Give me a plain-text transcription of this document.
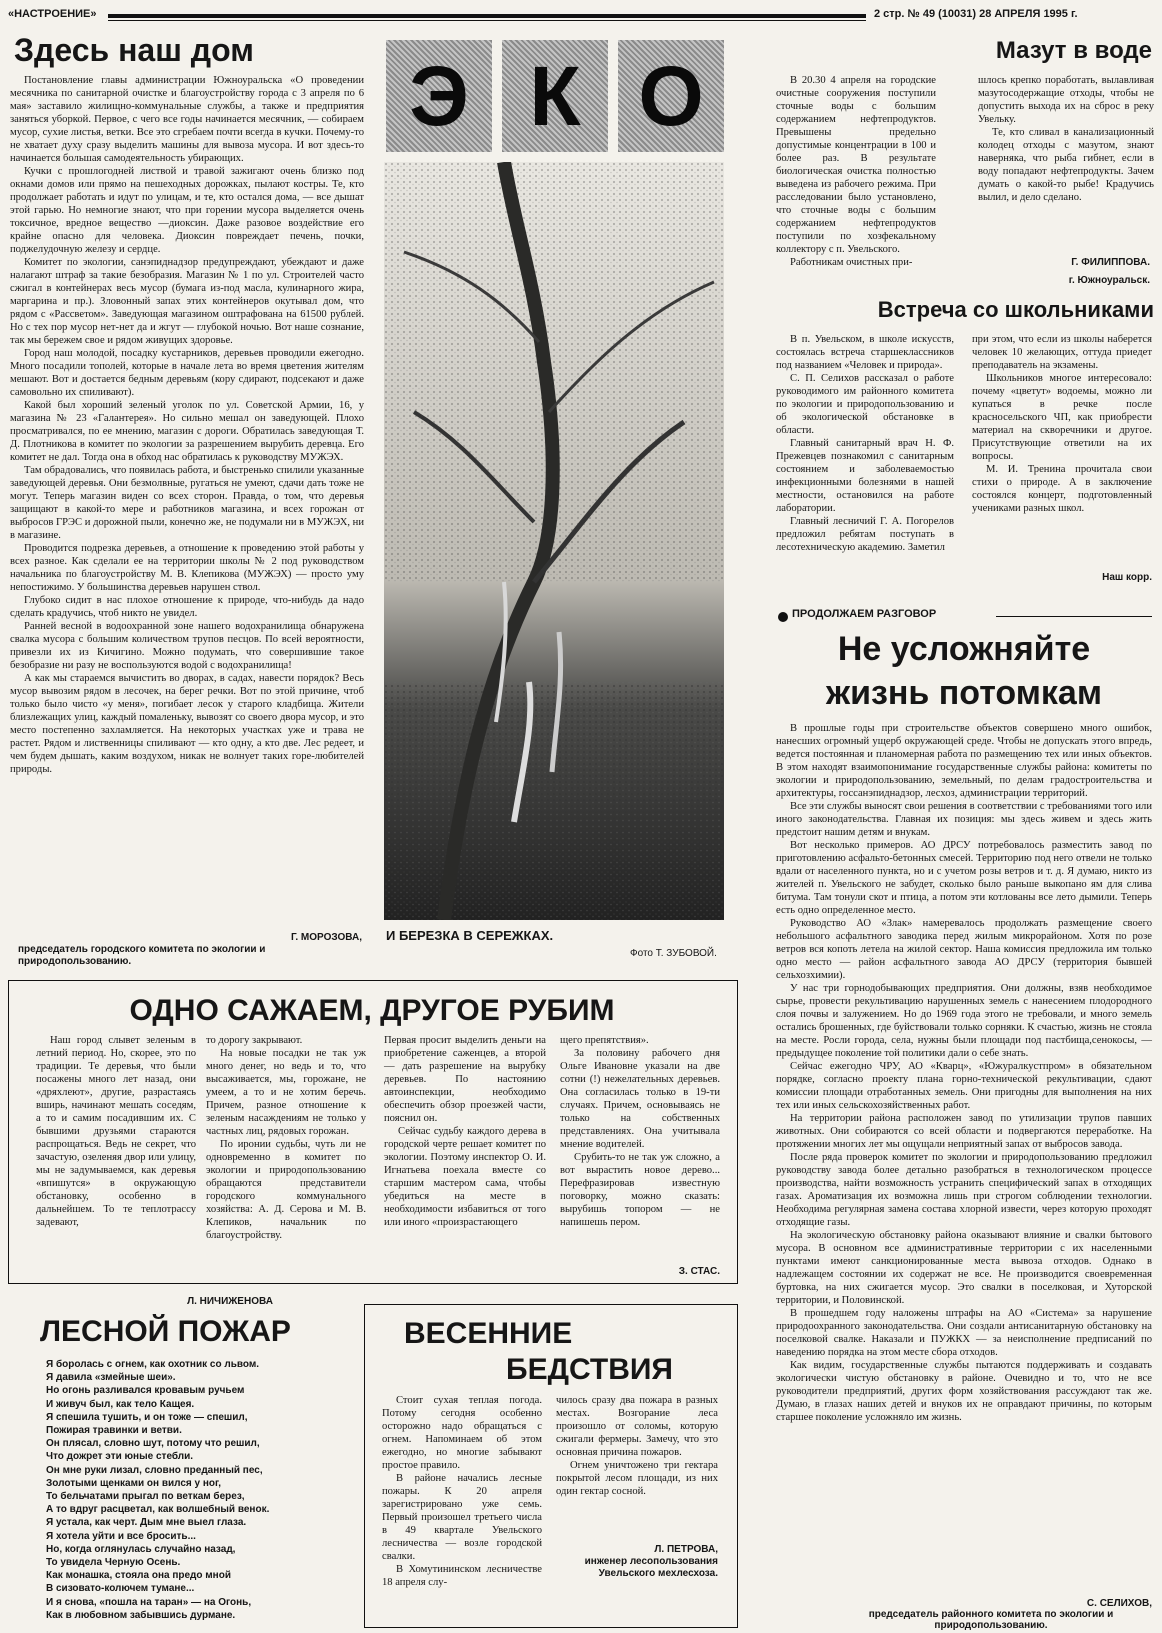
«НАСТРОЕНИЕ»	2 стр. № 49 (10031) 28 АПРЕЛЯ 1995 г.
Здесь наш дом

Постановление главы администрации Южноуральска «О проведении месячника по санитарной очистке и благоустройству города с 3 апреля по 6 мая» заставило жилищно-коммунальные службы, а также и предприятия заняться уборкой. Первое, с чего все годы начинается месячник, — собираем мусор, сухие листья, ветки. Все это сгребаем почти всегда в кучки. Почему-то не хватает духу сразу выделить машины для вывоза мусора. И вот здесь-то начинается большая самодеятельность убирающих.

Кучки с прошлогодней листвой и травой зажигают очень близко под окнами домов или прямо на пешеходных дорожках, пылают костры. Те, кто продолжает работать и идут по улицам, и те, кто остался дома, — все дышат этой гарью. Но немногие знают, что при горении мусора выделяется очень токсичное, вредное вещество —диоксин. Даже разовое воздействие его крайне опасно для человека. Диоксин повреждает печень, почки, поджелудочную железу и сердце.

Комитет по экологии, санэпиднадзор предупреждают, убеждают и даже налагают штраф за такие безобразия. Магазин № 1 по ул. Строителей часто сжигал в контейнерах весь мусор (бумага из-под масла, кулинарного жира, маргарина и пр.). Зловонный запах этих контейнеров окутывал дом, что рядом с «Рассветом». Заведующая магазином оштрафована на 61500 рублей. Но с тех пор мусор нет-нет да и жгут — глубокой ночью. Вот наше сознание, так мы бережем свое и рядом живущих здоровье.

Город наш молодой, посадку кустарников, деревьев проводили ежегодно. Много посадили тополей, которые в начале лета во время цветения жителям мешают. Вот и достается бедным деревьям (кору сдирают, подсекают и даже самовольно их спиливают).

Какой был хороший зеленый уголок по ул. Советской Армии, 16, у магазина № 23 «Галантерея». Но сильно мешал он заведующей. Плохо просматривался, по ее мнению, магазин с дороги. Обратилась заведующая Т. Д. Плотникова в комитет по экологии за разрешением вырубить деревца. Его комитет не дал. Тогда она в обход нас обратилась к руководству МУЖЭХ.

Там обрадовались, что появилась работа, и быстренько спилили указанные заведующей деревья. Они безмолвные, ругаться не умеют, сдачи дать тоже не могут. Теперь магазин виден со всех сторон. Правда, о том, что деревья защищают в какой-то мере и работников магазина, и всех горожан от выбросов ГРЭС и дорожной пыли, конечно же, не подумали ни в МУЖЭХ, ни в магазине.

Проводится подрезка деревьев, а отношение к проведению этой работы у всех разное. Как сделали ее на территории школы № 2 под руководством начальника по благоустройству М. В. Клепикова (МУЖЭХ) — просто уму непостижимо. У большинства деревьев нарушен ствол.

Глубоко сидит в нас плохое отношение к природе, что-нибудь да надо сделать крадучись, чтоб никто не увидел.

Ранней весной в водоохранной зоне нашего водохранилища обнаружена свалка мусора с большим количеством трупов песцов. По всей вероятности, привезли их из Кичигино. Можно подумать, что совершившие такое безобразие ни разу не воспользуются водой с водохранилища!

А как мы стараемся вычистить во дворах, в садах, навести порядок? Весь мусор вывозим рядом в лесочек, на берег речки. Вот по этой причине, чтоб только было чисто «у меня», погибает лесок у старого кладбища. Жители близлежащих улиц, каждый помаленьку, вывозят со своего двора мусор, и это место постепенно захламляется. На некоторых участках уже и трава не растет. Рядом и лиственницы спиливают — кто одну, а кто две. Лес редеет, и чем будем дышать, каким воздухом, никак не волнует таких горе-любителей природы.

Г. МОРОЗОВА,
председатель городского комитета по экологии и природопользованию.
Э К О
И БЕРЕЗКА В СЕРЕЖКАХ.
Фото Т. ЗУБОВОЙ.
Мазут в воде

В 20.30 4 апреля на городские очистные сооружения поступили сточные воды с большим содержанием нефтепродуктов. Превышены предельно допустимые концентрации в 100 и более раз. В результате биологическая очистка полностью выведена из рабочего режима. При расследовании было установлено, что сточные воды с большим содержанием нефтепродуктов поступили по хозфекальному коллектору с п. Увельского.

Работникам очистных при-

шлось крепко поработать, вылавливая мазутосодержащие отходы, чтобы не допустить выхода их на сброс в реку Увельку.

Те, кто сливал в канализационный колодец отходы с мазутом, знают наверняка, что рыба гибнет, если в воду попадают нефтепродукты. Зачем думать о какой-то рыбе! Крадучись вылил, и дело сделано.

Г. ФИЛИППОВА.
г. Южноуральск.
Встреча со школьниками

В п. Увельском, в школе искусств, состоялась встреча старшеклассников под названием «Человек и природа».

С. П. Селихов рассказал о работе руководимого им районного комитета по экологии и природопользованию и об экологической обстановке в области.

Главный санитарный врач Н. Ф. Прежевцев познакомил с санитарным состоянием и заболеваемостью инфекционными болезнями в нашей местности, остановился на работе лаборатории.

Главный лесничий Г. А. Погорелов предложил ребятам поступать в лесотехническую академию. Заметил

при этом, что если из школы наберется человек 10 желающих, оттуда приедет преподаватель на экзамены.

Школьников многое интересовало: почему «цветут» водоемы, можно ли купаться в речке после красносельского ЧП, как приобрести материал на скворечники и другое. Присутствующие ответили на их вопросы.

М. И. Тренина прочитала свои стихи о природе. А в заключение состоялся концерт, подготовленный учениками разных школ.

Наш корр.
ПРОДОЛЖАЕМ РАЗГОВОР
Не усложняйте
жизнь потомкам

В прошлые годы при строительстве объектов совершено много ошибок, нанесших огромный ущерб окружающей среде. Чтобы не допускать этого впредь, ведется постоянная и планомерная работа по размещению тех или иных объектов. В этом находят взаимопонимание государственные службы района: комитеты по экологии и природопользованию, земельный, по делам градостроительства и архитектуры, госсанэпиднадзор, лесхоз, администрации территорий.

Все эти службы выносят свои решения в соответствии с требованиями того или иного законодательства. Главная их позиция: мы здесь живем и здесь жить предстоит нашим детям и внукам.

Вот несколько примеров. АО ДРСУ потребовалось разместить завод по приготовлению асфальто-бетонных смесей. Территорию под него отвели не только вдали от населенного пункта, но и с учетом розы ветров и т. д. Я думаю, никто из жителей п. Увельского не забудет, сколько было раньше выкопано ям для слива битума. Там тонули скот и птица, а потом эти котлованы все лето дымили. Теперь есть одно определенное место.

Руководство АО «Злак» намеревалось продолжать размещение своего небольшого асфальтного заводика перед жилым микрорайоном. Хотя по розе ветров вся копоть летела на жилой сектор. Наша комиссия предложила им только одно место — район асфальтного завода АО ДРСУ (территория бывшей сельхозхимии).

У нас три горнодобывающих предприятия. Они должны, взяв необходимое сырье, провести рекультивацию нарушенных земель с нанесением плодородного слоя почвы и залужением. Но до 1969 года этого не требовали, и много земель остались брошенных, где буйствовали только сорняки. К счастью, жизнь не стояла на месте. Росли города, села, нужны были площади под пастбища,сенокосы, — предыдущее поколение той политики дали о себе знать.

Сейчас ежегодно ЧРУ, АО «Кварц», «Южуралкустпром» в обязательном порядке, согласно проекту плана горно-технической рекультивации, сдают комиссии площади отработанных земель. Они пригодны для выполнения на них тех или иных сельскохозяйственных работ.

На территории района расположен завод по утилизации трупов павших животных. Они собираются со всей области и подвергаются переработке. На протяжении многих лет мы ощущали неприятный запах от выбросов завода.

После ряда проверок комитет по экологии и природопользованию предложил руководству завода более детально разобраться в технологическом процессе производства, найти возможность устранить специфический запах в отходящих газах. Ароматизация их возможна лишь при строгом соблюдении технологии. Необходима регулярная замена состава хлорной извести, через которую проходят отходящие газы.

На экологическую обстановку района оказывают влияние и свалки бытового мусора. В основном все административные территории с их населенными пунктами имеют санкционированные места вывоза отходов. Однако в надлежащем состоянии их содержат не все. Не производится своевременная буртовка, на них сжигается мусор. Это свалки в поселковая, и Хуторской территории, и Половинской.

В прошедшем году наложены штрафы на АО «Система» за нарушение природоохранного законодательства. Они создали антисанитарную обстановку на поселковой свалке. Наказали и ПУЖКХ — за неисполнение предписаний по наведению порядка на этом месте сбора отходов.

Как видим, государственные службы пытаются поддерживать и создавать экологически чистую обстановку в районе. Очевидно и то, что не все руководители предприятий, других форм хозяйствования рассуждают так же. Думаю, в глазах наших детей и внуков их не оправдают причины, по которым старшее поколение усложняло им жизнь.

С. СЕЛИХОВ,
председатель районного комитета по экологии и природопользованию.
ОДНО САЖАЕМ, ДРУГОЕ РУБИМ

Наш город слывет зеленым в летний период. Но, скорее, это по традиции. Те деревья, что были посажены много лет назад, они «дряхлеют», другие, разрастаясь вширь, начинают мешать соседям, а то и самим посадившим их. С бывшими друзьями стараются распрощаться. Ведь не секрет, что зачастую, озеленяя двор или улицу, мы не задумываемся, как деревья «впишутся» в окружающую обстановку, особенно в дальнейшем. То те теплотрассу задевают,

то дорогу закрывают.

На новые посадки не так уж много денег, но ведь и то, что высаживается, мы, горожане, не умеем, а то и не хотим беречь. Причем, разное отношение к зеленым насаждениям не только у частных лиц, рядовых горожан.

По иронии судьбы, чуть ли не одновременно в комитет по экологии и природопользованию обращаются представители городского коммунального хозяйства: А. Д. Серова и М. В. Клепиков, начальник по благоустройству.

Первая просит выделить деньги на приобретение саженцев, а второй — дать разрешение на вырубку деревьев. По настоянию автоинспекции, необходимо обеспечить обзор проезжей части, пояснил он.

Сейчас судьбу каждого дерева в городской черте решает комитет по экологии. Поэтому инспектор О. И. Игнатьева поехала вместе со старшим мастером сама, чтобы убедиться на месте в необходимости избавиться от того или иного «произрастающего

щего препятствия».

За половину рабочего дня Ольге Ивановне указали на две сотни (!) нежелательных деревьев. Она согласилась только в 19-ти случаях. Причем, основываясь не только на собственных представлениях. Она учитывала мнение водителей.

Срубить-то не так уж сложно, а вот вырастить новое дерево... Перефразировав известную поговорку, можно сказать: вырубишь топором — не напишешь пером.

З. СТАС.
Л. НИЧИЖЕНОВА
ЛЕСНОЙ ПОЖАР
Я боролась с огнем, как охотник со львом.
Я давила «змейные шеи».
Но огонь разливался кровавым ручьем
И живуч был, как тело Кащея.
Я спешила тушить, и он тоже — спешил,
Пожирая травинки и ветви.
Он плясал, словно шут, потому что решил,
Что дожрет эти юные стебли.
Он мне руки лизал, словно преданный пес,
Золотыми щенками он вился у ног,
То бельчатами прыгал по веткам берез,
А то вдруг расцветал, как волшебный венок.
Я устала, как черт. Дым мне выел глаза.
Я хотела уйти и все бросить...
Но, когда оглянулась случайно назад,
То увидела Черную Осень.
Как монашка, стояла она предо мной
В сизовато-колючем тумане...
И я снова, «пошла на таран» — на Огонь,
Как в любовном забывшись дурмане.
ВЕСЕННИЕ
БЕДСТВИЯ

Стоит сухая теплая погода. Потому сегодня особенно осторожно надо обращаться с огнем. Напоминаем об этом ежегодно, но многие забывают простое правило.

В районе начались лесные пожары. К 20 апреля зарегистрировано уже семь. Первый произошел третьего числа в 49 квартале Увельского лесничества — возле городской свалки.

В Хомутининском лесничестве 18 апреля слу-

чилось сразу два пожара в разных местах. Возгорание леса произошло от соломы, которую сжигали фермеры. Замечу, что это основная причина пожаров.

Огнем уничтожено три гектара покрытой лесом площади, из них один гектар сосной.

Л. ПЕТРОВА,
инженер лесопользования Увельского мехлесхоза.
